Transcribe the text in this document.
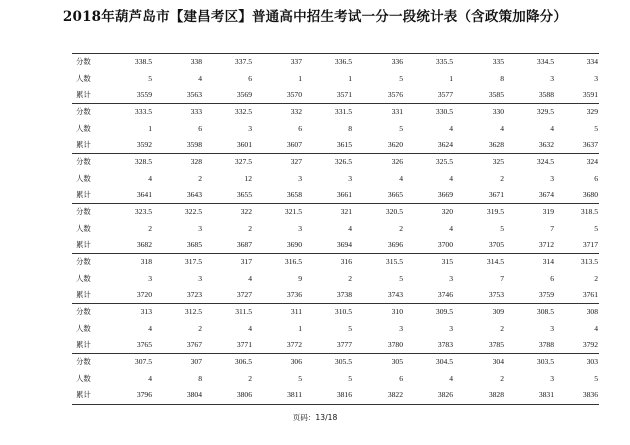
2018年葫芦岛市【建昌考区】普通高中招生考试一分一段统计表（含政策加降分）
分数	338.5	338	337.5	337	336.5	336	335.5	335	334.5	334
人数	5	4	6	1	1	5	1	8	3	3
累计	3559	3563	3569	3570	3571	3576	3577	3585	3588	3591
分数	333.5	333	332.5	332	331.5	331	330.5	330	329.5	329
人数	1	6	3	6	8	5	4	4	4	5
累计	3592	3598	3601	3607	3615	3620	3624	3628	3632	3637
分数	328.5	328	327.5	327	326.5	326	325.5	325	324.5	324
人数	4	2	12	3	3	4	4	2	3	6
累计	3641	3643	3655	3658	3661	3665	3669	3671	3674	3680
分数	323.5	322.5	322	321.5	321	320.5	320	319.5	319	318.5
人数	2	3	2	3	4	2	4	5	7	5
累计	3682	3685	3687	3690	3694	3696	3700	3705	3712	3717
分数	318	317.5	317	316.5	316	315.5	315	314.5	314	313.5
人数	3	3	4	9	2	5	3	7	6	2
累计	3720	3723	3727	3736	3738	3743	3746	3753	3759	3761
分数	313	312.5	311.5	311	310.5	310	309.5	309	308.5	308
人数	4	2	4	1	5	3	3	2	3	4
累计	3765	3767	3771	3772	3777	3780	3783	3785	3788	3792
分数	307.5	307	306.5	306	305.5	305	304.5	304	303.5	303
人数	4	8	2	5	5	6	4	2	3	5
累计	3796	3804	3806	3811	3816	3822	3826	3828	3831	3836
页码：13/18
